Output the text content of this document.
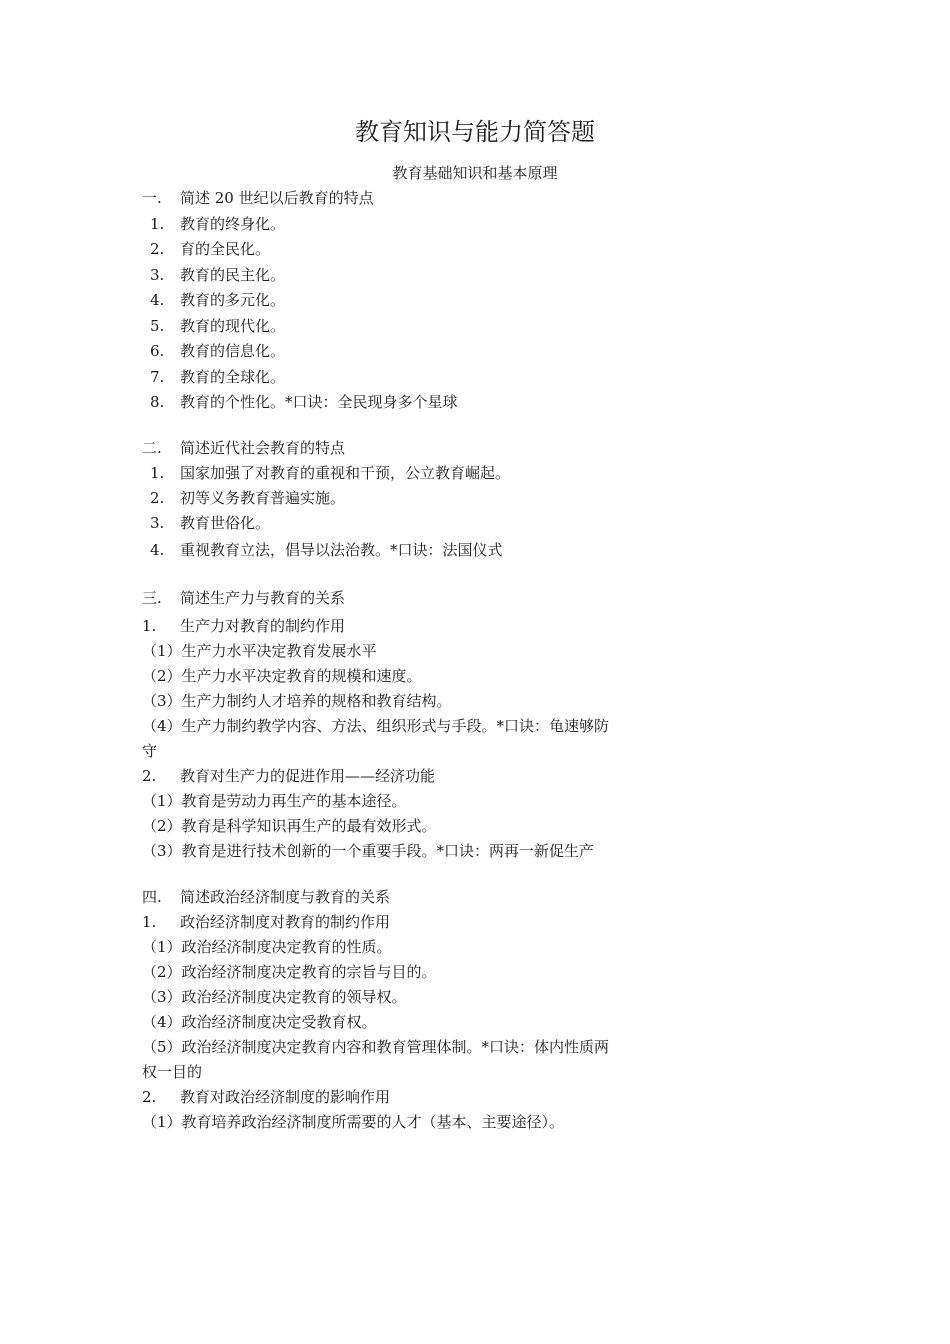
教育知识与能力简答题
教育基础知识和基本原理
一. 简述 20 世纪以后教育的特点
1. 教育的终身化。
2. 育的全民化。
3. 教育的民主化。
4. 教育的多元化。
5. 教育的现代化。
6. 教育的信息化。
7. 教育的全球化。
8. 教育的个性化。*口诀：全民现身多个星球
二. 简述近代社会教育的特点
1. 国家加强了对教育的重视和干预，公立教育崛起。
2. 初等义务教育普遍实施。
3. 教育世俗化。
4. 重视教育立法，倡导以法治教。*口诀：法国仪式
三. 简述生产力与教育的关系
1. 生产力对教育的制约作用
（1）生产力水平决定教育发展水平
（2）生产力水平决定教育的规模和速度。
（3）生产力制约人才培养的规格和教育结构。
（4）生产力制约教学内容、方法、组织形式与手段。*口诀：龟速够防
守
2. 教育对生产力的促进作用——经济功能
（1）教育是劳动力再生产的基本途径。
（2）教育是科学知识再生产的最有效形式。
（3）教育是进行技术创新的一个重要手段。*口诀：两再一新促生产
四. 简述政治经济制度与教育的关系
1. 政治经济制度对教育的制约作用
（1）政治经济制度决定教育的性质。
（2）政治经济制度决定教育的宗旨与目的。
（3）政治经济制度决定教育的领导权。
（4）政治经济制度决定受教育权。
（5）政治经济制度决定教育内容和教育管理体制。*口诀：体内性质两
权一目的
2. 教育对政治经济制度的影响作用
（1）教育培养政治经济制度所需要的人才（基本、主要途径）。
